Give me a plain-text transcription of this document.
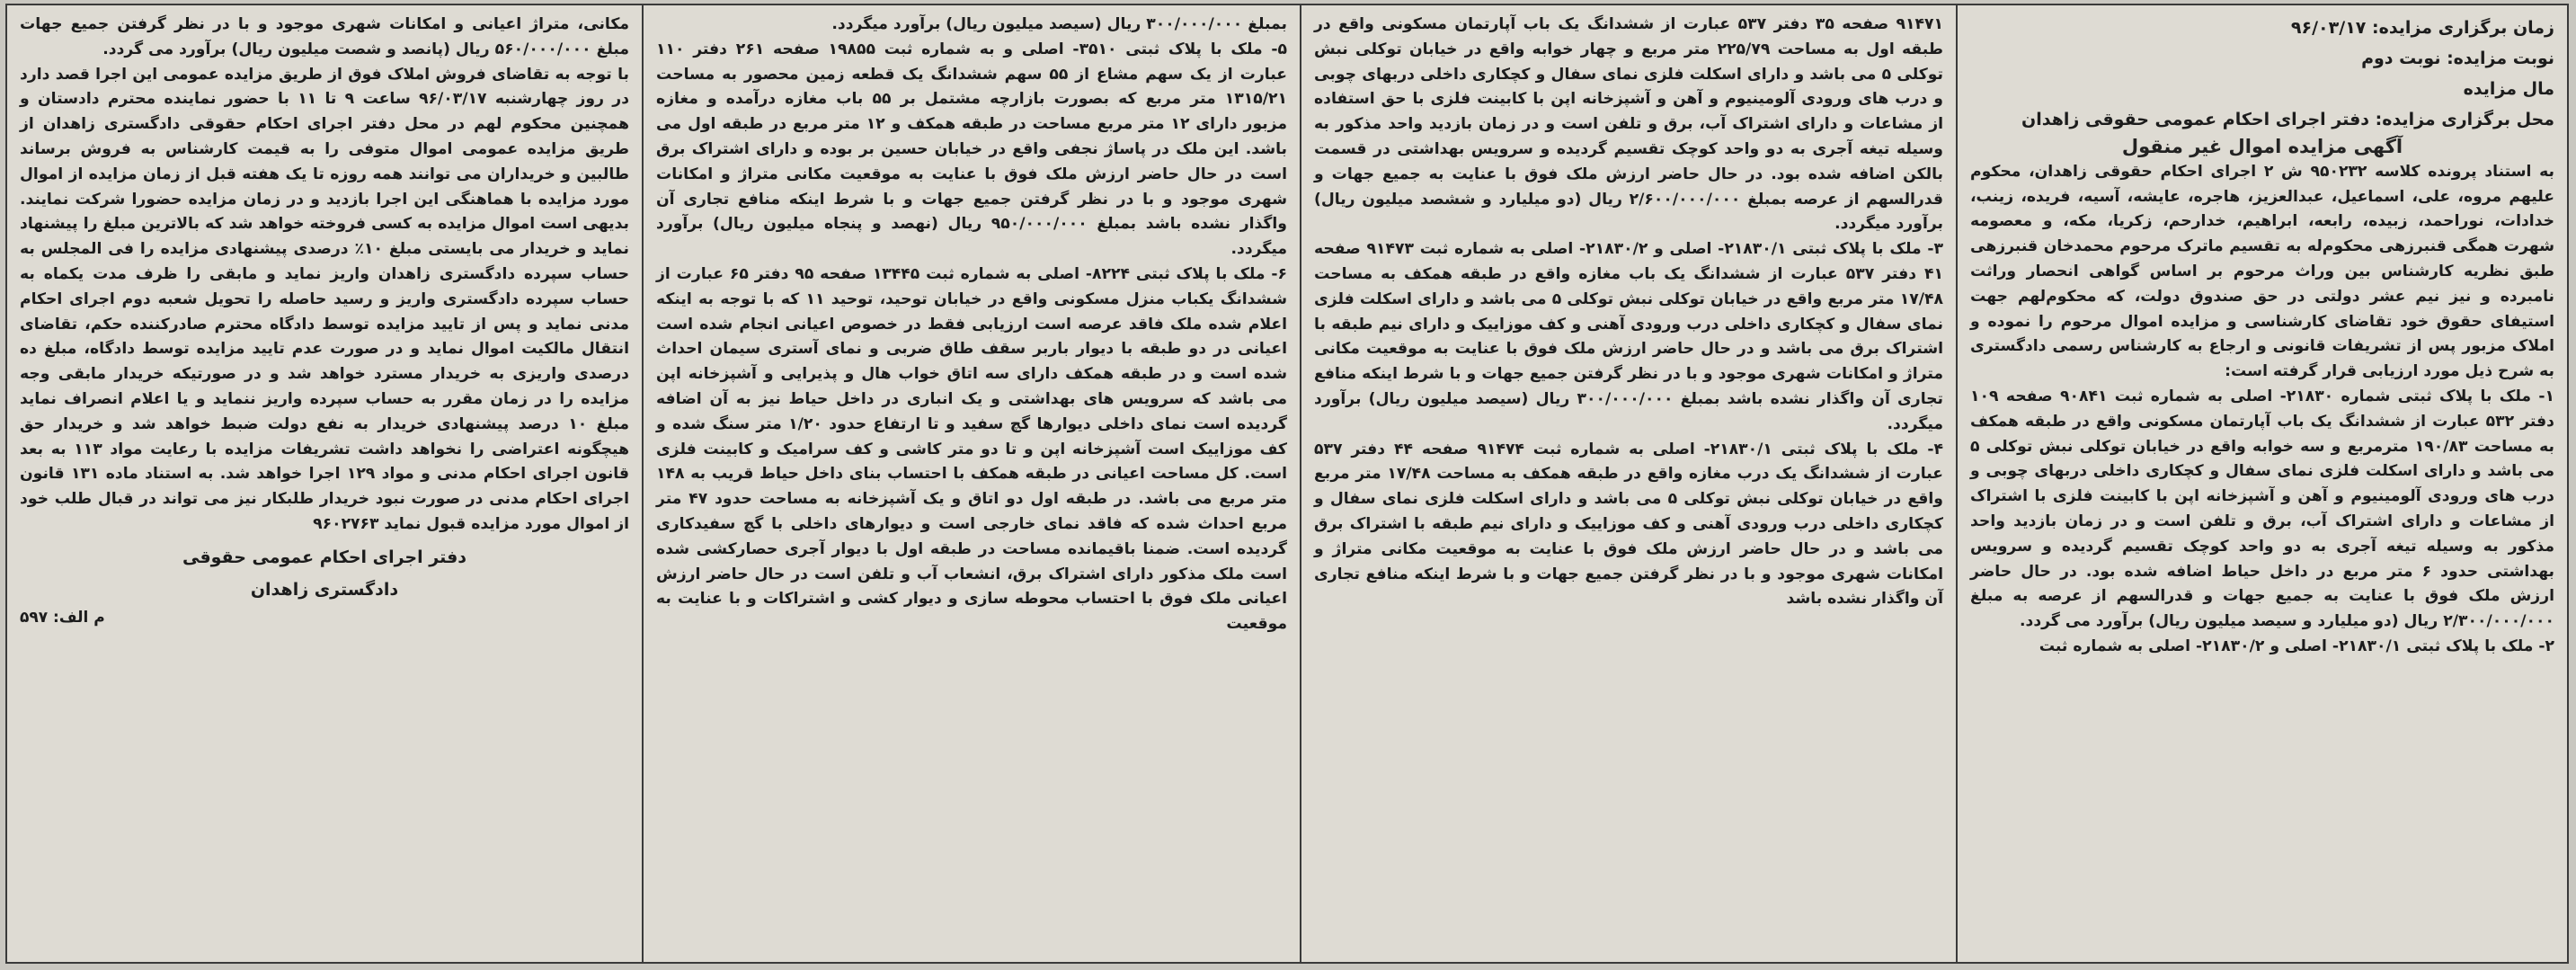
زمان برگزاری مزایده: ۹۶/۰۳/۱۷

نوبت مزایده: نوبت دوم

مال مزایده

محل برگزاری مزایده: دفتر اجرای احکام عمومی حقوقی زاهدان

آگهی مزایده اموال غیر منقول

به استناد پرونده کلاسه ۹۵۰۲۳۲ ش ۲ اجرای احکام حقوقی زاهدان، محکوم علیهم مروه، علی، اسماعیل، عبدالعزیز، هاجره، عایشه، آسیه، فریده، زینب، خدادات، نوراحمد، زبیده، رابعه، ابراهیم، خدارحم، زکریا، مکه، و معصومه شهرت همگی قنبرزهی محکوم‌له به تقسیم ماترک مرحوم محمدخان قنبرزهی طبق نظریه کارشناس بین وراث مرحوم بر اساس گواهی انحصار وراثت نامبرده و نیز نیم عشر دولتی در حق صندوق دولت، که محکوم‌لهم جهت استیفای حقوق خود تقاضای کارشناسی و مزایده اموال مرحوم را نموده و املاک مزبور پس از تشریفات قانونی و ارجاع به کارشناس رسمی دادگستری به شرح ذیل مورد ارزیابی قرار گرفته است:

۱- ملک با پلاک ثبتی شماره ۲۱۸۳۰- اصلی به شماره ثبت ۹۰۸۴۱ صفحه ۱۰۹ دفتر ۵۳۲ عبارت از ششدانگ یک باب آپارتمان مسکونی واقع در طبقه همکف به مساحت ۱۹۰/۸۳ مترمربع و سه خوابه واقع در خیابان توکلی نبش توکلی ۵ می باشد و دارای اسکلت فلزی نمای سفال و کچکاری داخلی دربهای چوبی و درب های ورودی آلومینیوم و آهن و آشپزخانه اپن با کابینت فلزی با اشتراک از مشاعات و دارای اشتراک آب، برق و تلفن است و در زمان بازدید واحد مذکور به وسیله تیغه آجری به دو واحد کوچک تقسیم گردیده و سرویس بهداشتی حدود ۶ متر مربع در داخل حیاط اضافه شده بود. در حال حاضر ارزش ملک فوق با عنایت به جمیع جهات و قدرالسهم از عرصه به مبلغ ۲/۳۰۰/۰۰۰/۰۰۰ ریال (دو میلیارد و سیصد میلیون ریال) برآورد می گردد.

۲- ملک با پلاک ثبتی ۲۱۸۳۰/۱- اصلی و ۲۱۸۳۰/۲- اصلی به شماره ثبت

۹۱۴۷۱ صفحه ۳۵ دفتر ۵۳۷ عبارت از ششدانگ یک باب آپارتمان مسکونی واقع در طبقه اول به مساحت ۲۲۵/۷۹ متر مربع و چهار خوابه واقع در خیابان توکلی نبش توکلی ۵ می باشد و دارای اسکلت فلزی نمای سفال و کچکاری داخلی دربهای چوبی و درب های ورودی آلومینیوم و آهن و آشپزخانه اپن با کابینت فلزی با حق استفاده از مشاعات و دارای اشتراک آب، برق و تلفن است و در زمان بازدید واحد مذکور به وسیله تیغه آجری به دو واحد کوچک تقسیم گردیده و سرویس بهداشتی در قسمت بالکن اضافه شده بود. در حال حاضر ارزش ملک فوق با عنایت به جمیع جهات و قدرالسهم از عرصه بمبلغ ۲/۶۰۰/۰۰۰/۰۰۰ ریال (دو میلیارد و ششصد میلیون ریال) برآورد میگردد.

۳- ملک با پلاک ثبتی ۲۱۸۳۰/۱- اصلی و ۲۱۸۳۰/۲- اصلی به شماره ثبت ۹۱۴۷۳ صفحه ۴۱ دفتر ۵۳۷ عبارت از ششدانگ یک باب مغازه واقع در طبقه همکف به مساحت ۱۷/۴۸ متر مربع واقع در خیابان توکلی نبش توکلی ۵ می باشد و دارای اسکلت فلزی نمای سفال و کچکاری داخلی درب ورودی آهنی و کف موزاییک و دارای نیم طبقه با اشتراک برق می باشد و در حال حاضر ارزش ملک فوق با عنایت به موقعیت مکانی متراژ و امکانات شهری موجود و با در نظر گرفتن جمیع جهات و با شرط اینکه منافع تجاری آن واگذار نشده باشد بمبلغ ۳۰۰/۰۰۰/۰۰۰ ریال (سیصد میلیون ریال) برآورد میگردد.

۴- ملک با پلاک ثبتی ۲۱۸۳۰/۱- اصلی به شماره ثبت ۹۱۴۷۴ صفحه ۴۴ دفتر ۵۳۷ عبارت از ششدانگ یک درب مغازه واقع در طبقه همکف به مساحت ۱۷/۴۸ متر مربع واقع در خیابان توکلی نبش توکلی ۵ می باشد و دارای اسکلت فلزی نمای سفال و کچکاری داخلی درب ورودی آهنی و کف موزاییک و دارای نیم طبقه با اشتراک برق می باشد و در حال حاضر ارزش ملک فوق با عنایت به موقعیت مکانی متراژ و امکانات شهری موجود و با در نظر گرفتن جمیع جهات و با شرط اینکه منافع تجاری آن واگذار نشده باشد

بمبلغ ۳۰۰/۰۰۰/۰۰۰ ریال (سیصد میلیون ریال) برآورد میگردد.

۵- ملک با پلاک ثبتی ۳۵۱۰- اصلی و به شماره ثبت ۱۹۸۵۵ صفحه ۲۶۱ دفتر ۱۱۰ عبارت از یک سهم مشاع از ۵۵ سهم ششدانگ یک قطعه زمین محصور به مساحت ۱۳۱۵/۲۱ متر مربع که بصورت بازارچه مشتمل بر ۵۵ باب مغازه درآمده و مغازه مزبور دارای ۱۲ متر مربع مساحت در طبقه همکف و ۱۲ متر مربع در طبقه اول می باشد. این ملک در پاساژ نجفی واقع در خیابان حسین بر بوده و دارای اشتراک برق است در حال حاضر ارزش ملک فوق با عنایت به موقعیت مکانی متراژ و امکانات شهری موجود و با در نظر گرفتن جمیع جهات و با شرط اینکه منافع تجاری آن واگذار نشده باشد بمبلغ ۹۵۰/۰۰۰/۰۰۰ ریال (نهصد و پنجاه میلیون ریال) برآورد میگردد.

۶- ملک با پلاک ثبتی ۸۲۲۴- اصلی به شماره ثبت ۱۳۴۴۵ صفحه ۹۵ دفتر ۶۵ عبارت از ششدانگ یکباب منزل مسکونی واقع در خیابان توحید، توحید ۱۱ که با توجه به اینکه اعلام شده ملک فاقد عرصه است ارزیابی فقط در خصوص اعیانی انجام شده است اعیانی در دو طبقه با دیوار باربر سقف طاق ضربی و نمای آستری سیمان احداث شده است و در طبقه همکف دارای سه اتاق خواب هال و پذیرایی و آشپزخانه اپن می باشد که سرویس های بهداشتی و یک انباری در داخل حیاط نیز به آن اضافه گردیده است نمای داخلی دیوارها گچ سفید و تا ارتفاع حدود ۱/۲۰ متر سنگ شده و کف موزاییک است آشپزخانه اپن و تا دو متر کاشی و کف سرامیک و کابینت فلزی است. کل مساحت اعیانی در طبقه همکف با احتساب بنای داخل حیاط قریب به ۱۴۸ متر مربع می باشد. در طبقه اول دو اتاق و یک آشپزخانه به مساحت حدود ۴۷ متر مربع احداث شده که فاقد نمای خارجی است و دیوارهای داخلی با گچ سفیدکاری گردیده است. ضمنا باقیمانده مساحت در طبقه اول با دیوار آجری حصارکشی شده است ملک مذکور دارای اشتراک برق، انشعاب آب و تلفن است در حال حاضر ارزش اعیانی ملک فوق با احتساب محوطه سازی و دیوار کشی و اشتراکات و با عنایت به موقعیت

مکانی، متراژ اعیانی و امکانات شهری موجود و با در نظر گرفتن جمیع جهات مبلغ ۵۶۰/۰۰۰/۰۰۰ ریال (پانصد و شصت میلیون ریال) برآورد می گردد.

با توجه به تقاضای فروش املاک فوق از طریق مزایده عمومی این اجرا قصد دارد در روز چهارشنبه ۹۶/۰۳/۱۷ ساعت ۹ تا ۱۱ با حضور نماینده محترم دادستان و همچنین محکوم لهم در محل دفتر اجرای احکام حقوقی دادگستری زاهدان از طریق مزایده عمومی اموال متوفی را به قیمت کارشناس به فروش برساند طالبین و خریداران می توانند همه روزه تا یک هفته قبل از زمان مزایده از اموال مورد مزایده با هماهنگی این اجرا بازدید و در زمان مزایده حضورا شرکت نمایند. بدیهی است اموال مزایده به کسی فروخته خواهد شد که بالاترین مبلغ را پیشنهاد نماید و خریدار می بایستی مبلغ ۱۰٪ درصدی پیشنهادی مزایده را فی المجلس به حساب سپرده دادگستری زاهدان واریز نماید و مابقی را ظرف مدت یکماه به حساب سپرده دادگستری واریز و رسید حاصله را تحویل شعبه دوم اجرای احکام مدنی نماید و پس از تایید مزایده توسط دادگاه محترم صادرکننده حکم، تقاضای انتقال مالکیت اموال نماید و در صورت عدم تایید مزایده توسط دادگاه، مبلغ ده درصدی واریزی به خریدار مسترد خواهد شد و در صورتیکه خریدار مابقی وجه مزایده را در زمان مقرر به حساب سپرده واریز ننماید و یا اعلام انصراف نماید مبلغ ۱۰ درصد پیشنهادی خریدار به نفع دولت ضبط خواهد شد و خریدار حق هیچگونه اعتراضی را نخواهد داشت تشریفات مزایده با رعایت مواد ۱۱۳ به بعد قانون اجرای احکام مدنی و مواد ۱۲۹ اجرا خواهد شد. به استناد ماده ۱۳۱ قانون اجرای احکام مدنی در صورت نبود خریدار طلبکار نیز می تواند در قبال طلب خود از اموال مورد مزایده قبول نماید ۹۶۰۲۷۶۳

دفتر اجرای احکام عمومی حقوقی

دادگستری زاهدان

م الف: ۵۹۷
